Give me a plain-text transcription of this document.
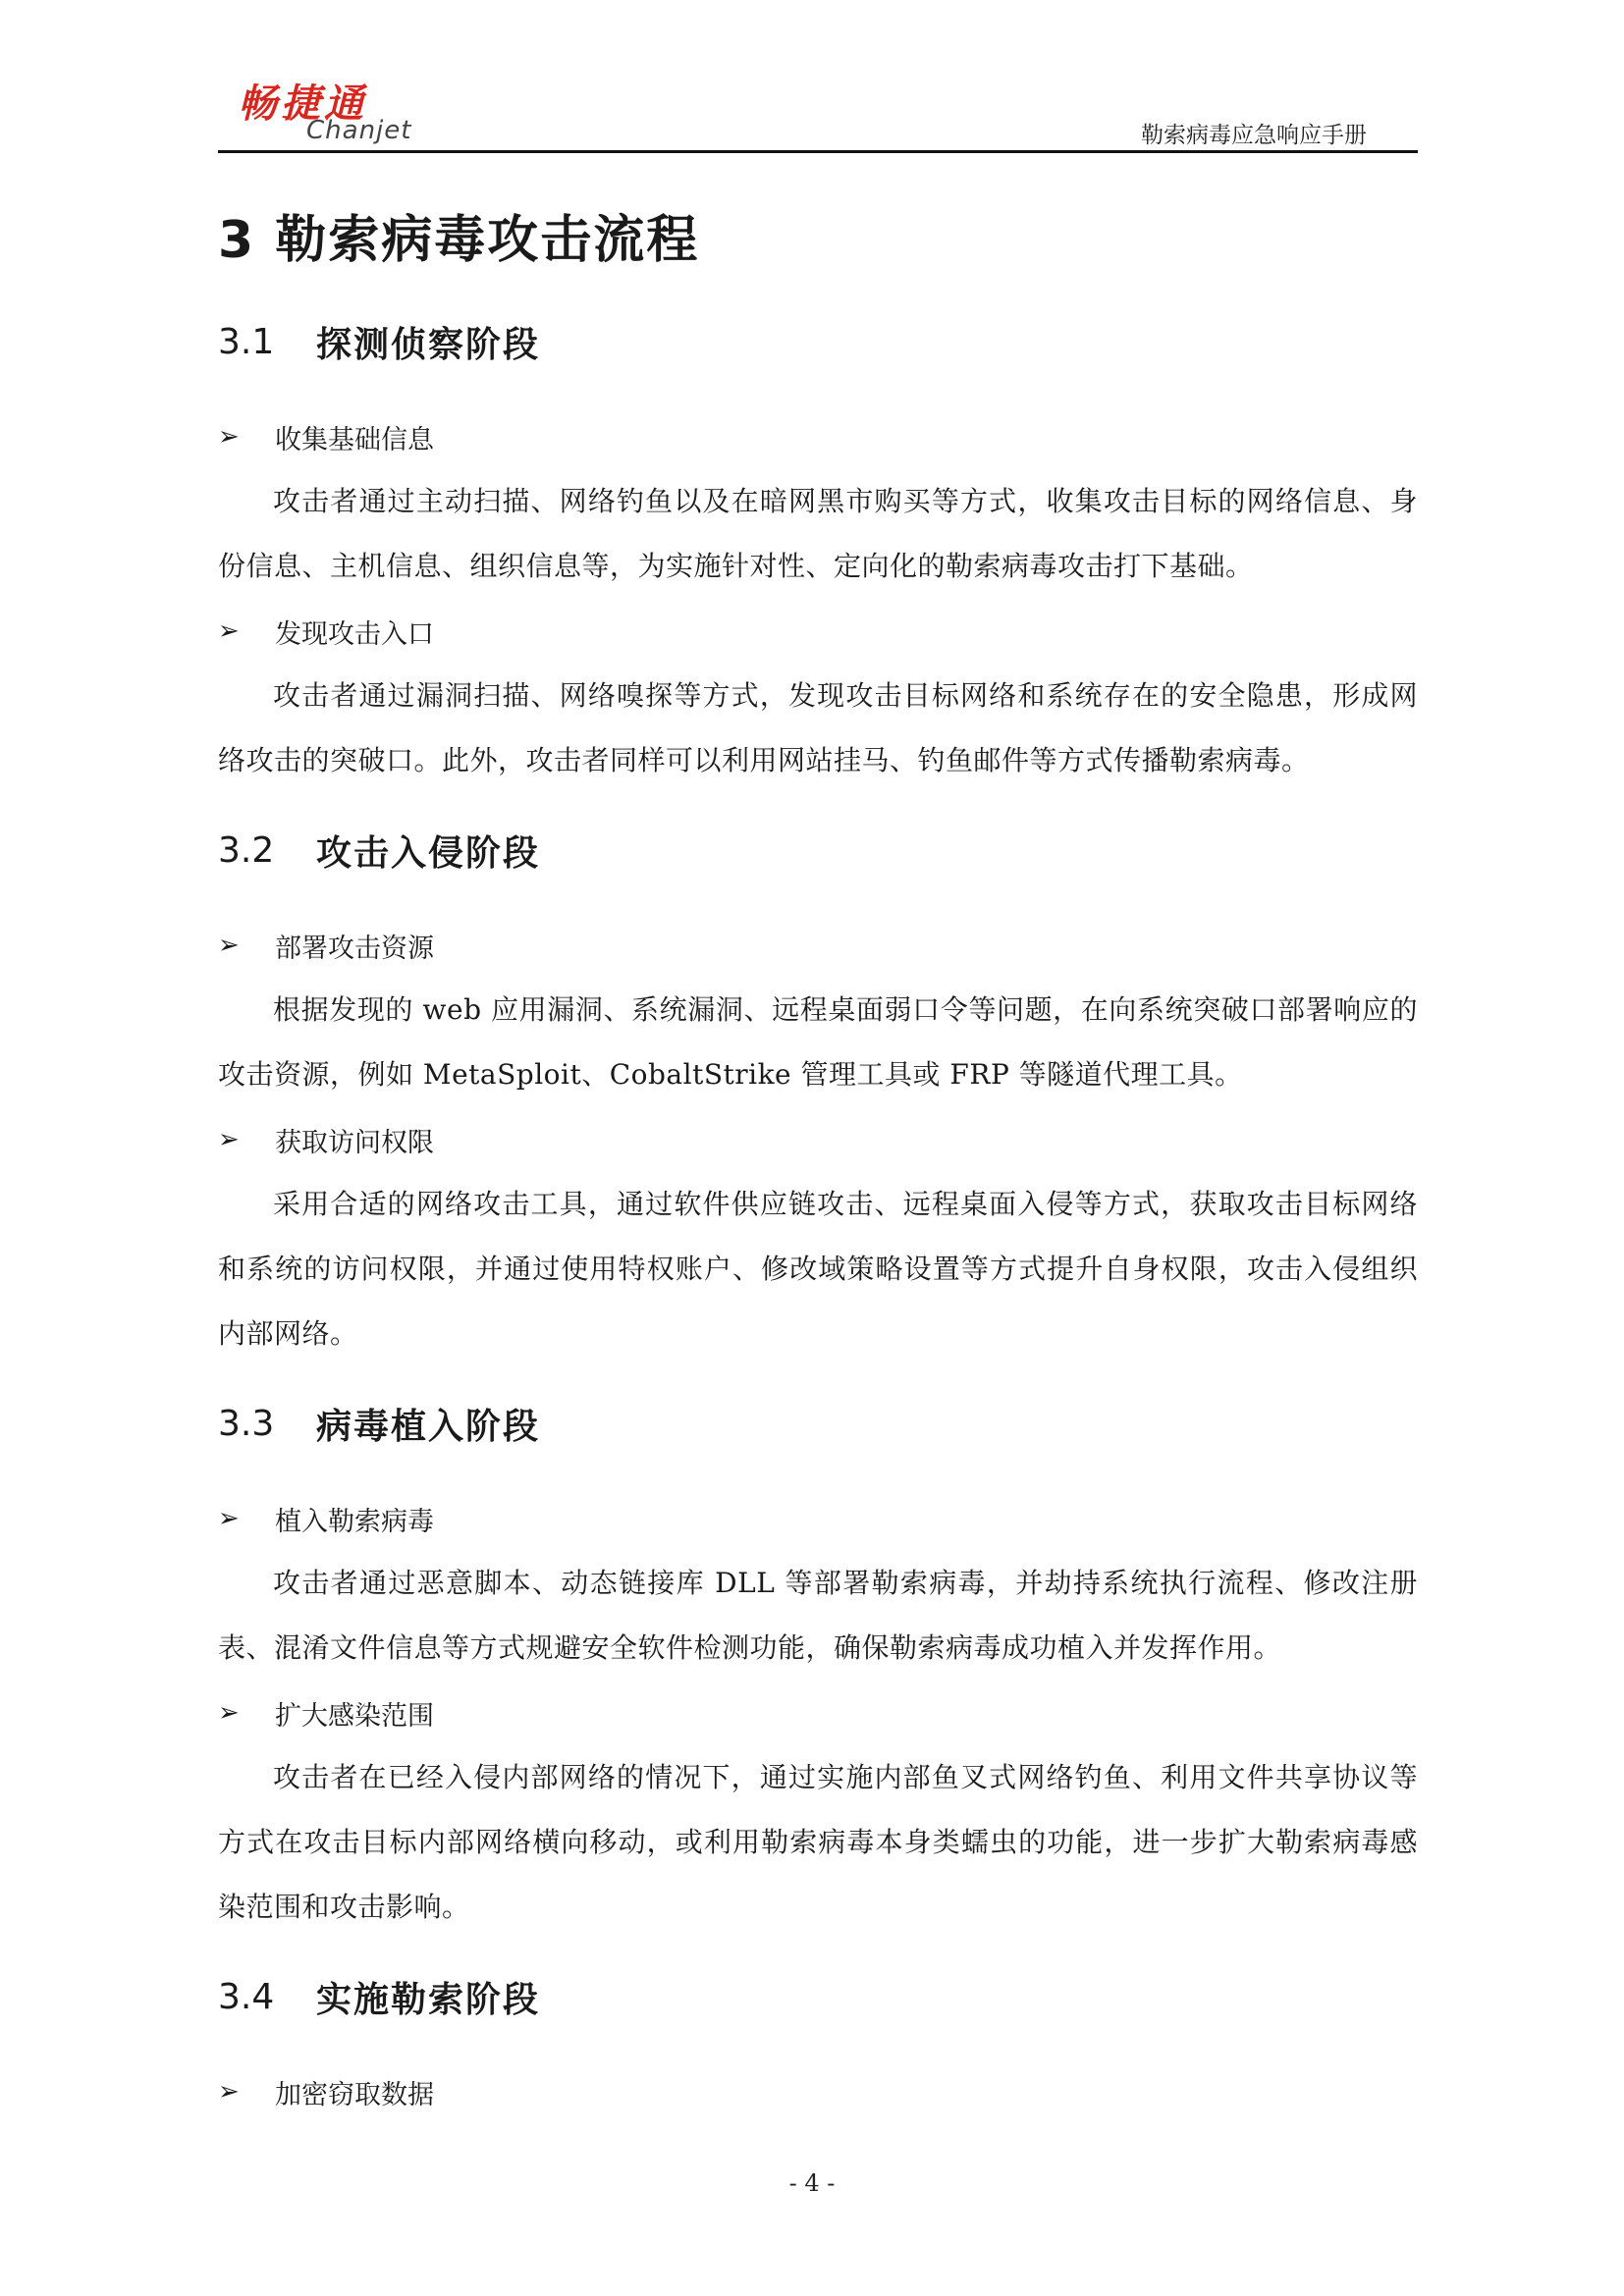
畅捷通
Chanjet	勒索病毒应急响应手册
3 勒索病毒攻击流程
3.1	探测侦察阶段
➢	收集基础信息

攻击者通过主动扫描、网络钓鱼以及在暗网黑市购买等方式，收集攻击目标的网络信息、身份信息、主机信息、组织信息等，为实施针对性、定向化的勒索病毒攻击打下基础。

➢	发现攻击入口

攻击者通过漏洞扫描、网络嗅探等方式，发现攻击目标网络和系统存在的安全隐患，形成网络攻击的突破口。此外，攻击者同样可以利用网站挂马、钓鱼邮件等方式传播勒索病毒。

3.2	攻击入侵阶段
➢	部署攻击资源

根据发现的 web 应用漏洞、系统漏洞、远程桌面弱口令等问题，在向系统突破口部署响应的攻击资源，例如 MetaSploit、CobaltStrike 管理工具或 FRP 等隧道代理工具。

➢	获取访问权限

采用合适的网络攻击工具，通过软件供应链攻击、远程桌面入侵等方式，获取攻击目标网络和系统的访问权限，并通过使用特权账户、修改域策略设置等方式提升自身权限，攻击入侵组织内部网络。

3.3	病毒植入阶段
➢	植入勒索病毒

攻击者通过恶意脚本、动态链接库 DLL 等部署勒索病毒，并劫持系统执行流程、修改注册表、混淆文件信息等方式规避安全软件检测功能，确保勒索病毒成功植入并发挥作用。

➢	扩大感染范围

攻击者在已经入侵内部网络的情况下，通过实施内部鱼叉式网络钓鱼、利用文件共享协议等方式在攻击目标内部网络横向移动，或利用勒索病毒本身类蠕虫的功能，进一步扩大勒索病毒感染范围和攻击影响。

3.4	实施勒索阶段
➢	加密窃取数据
- 4 -
